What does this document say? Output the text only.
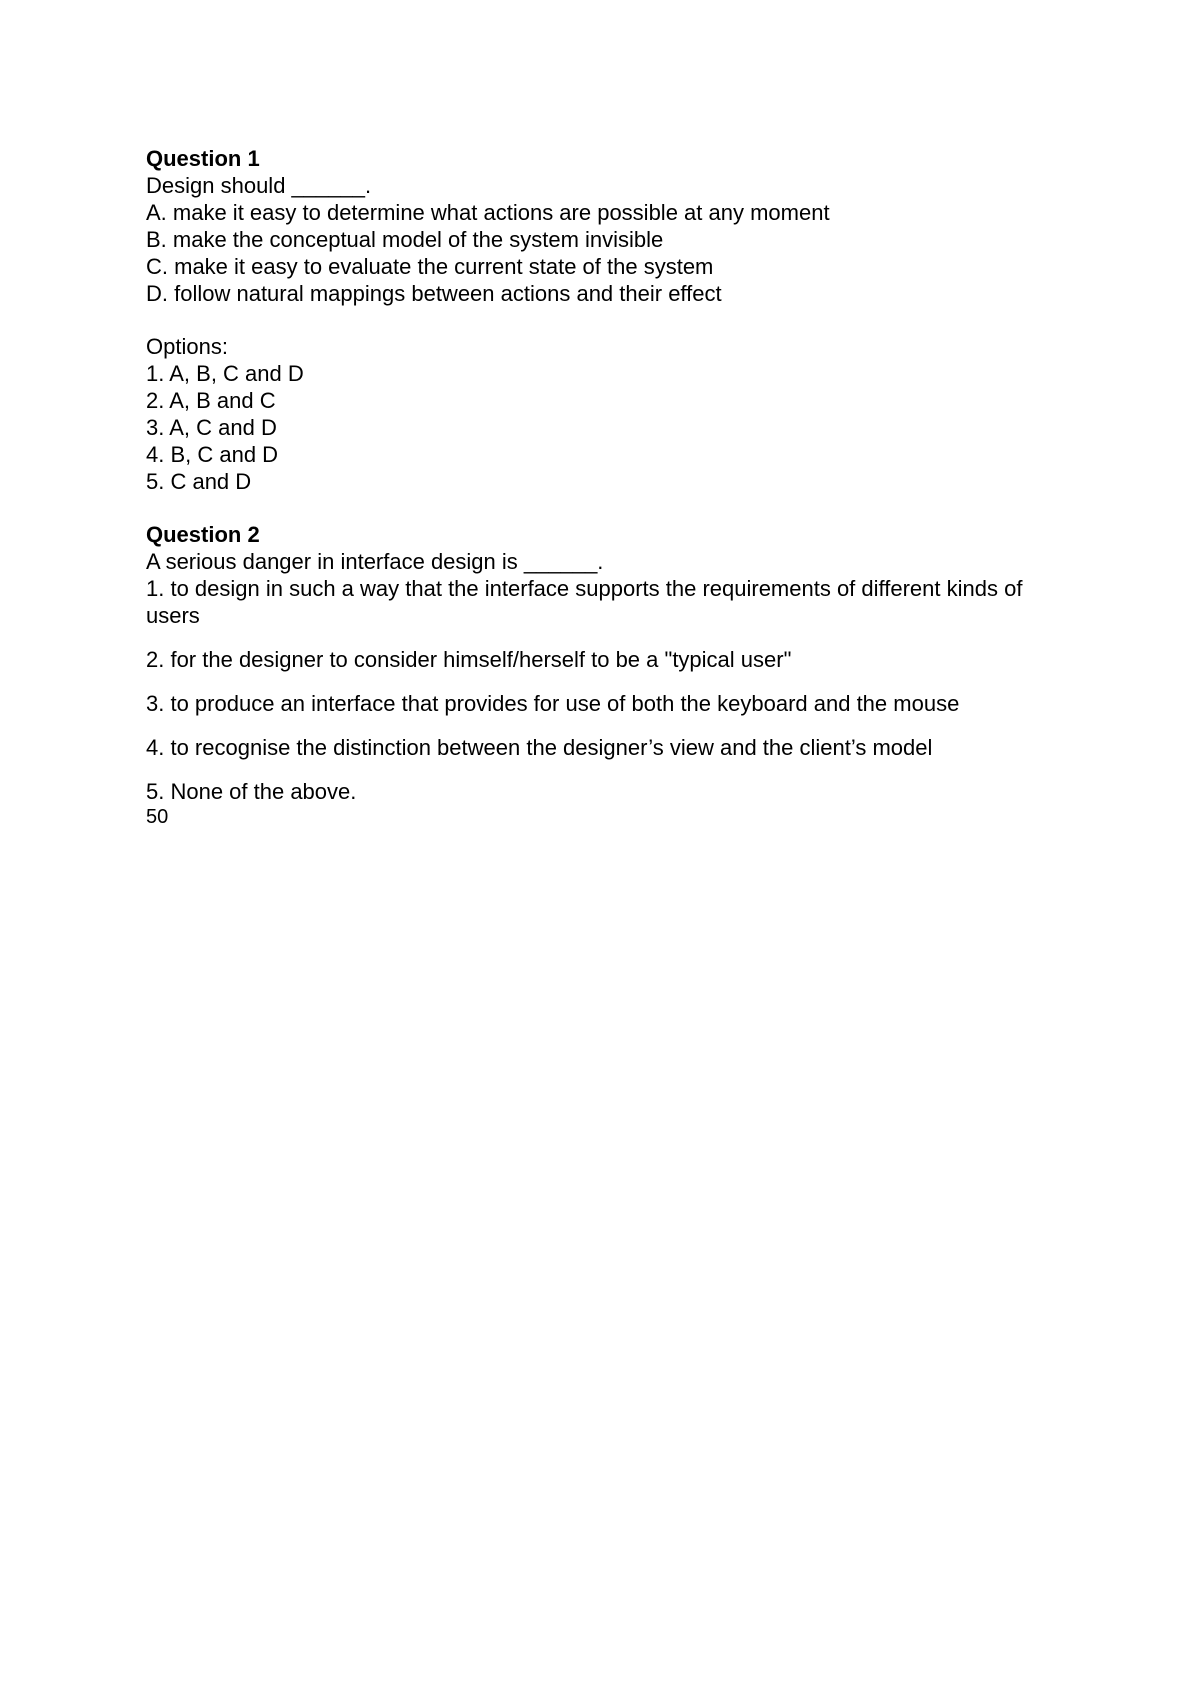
Question 1
Design should ______.
A. make it easy to determine what actions are possible at any moment
B. make the conceptual model of the system invisible
C. make it easy to evaluate the current state of the system
D. follow natural mappings between actions and their effect
Options:
1. A, B, C and D
2. A, B and C
3. A, C and D
4. B, C and D
5. C and D
Question 2
A serious danger in interface design is ______.
1. to design in such a way that the interface supports the requirements of different kinds of users
2. for the designer to consider himself/herself to be a "typical user"
3. to produce an interface that provides for use of both the keyboard and the mouse
4. to recognise the distinction between the designer’s view and the client’s model
5. None of the above.
50
